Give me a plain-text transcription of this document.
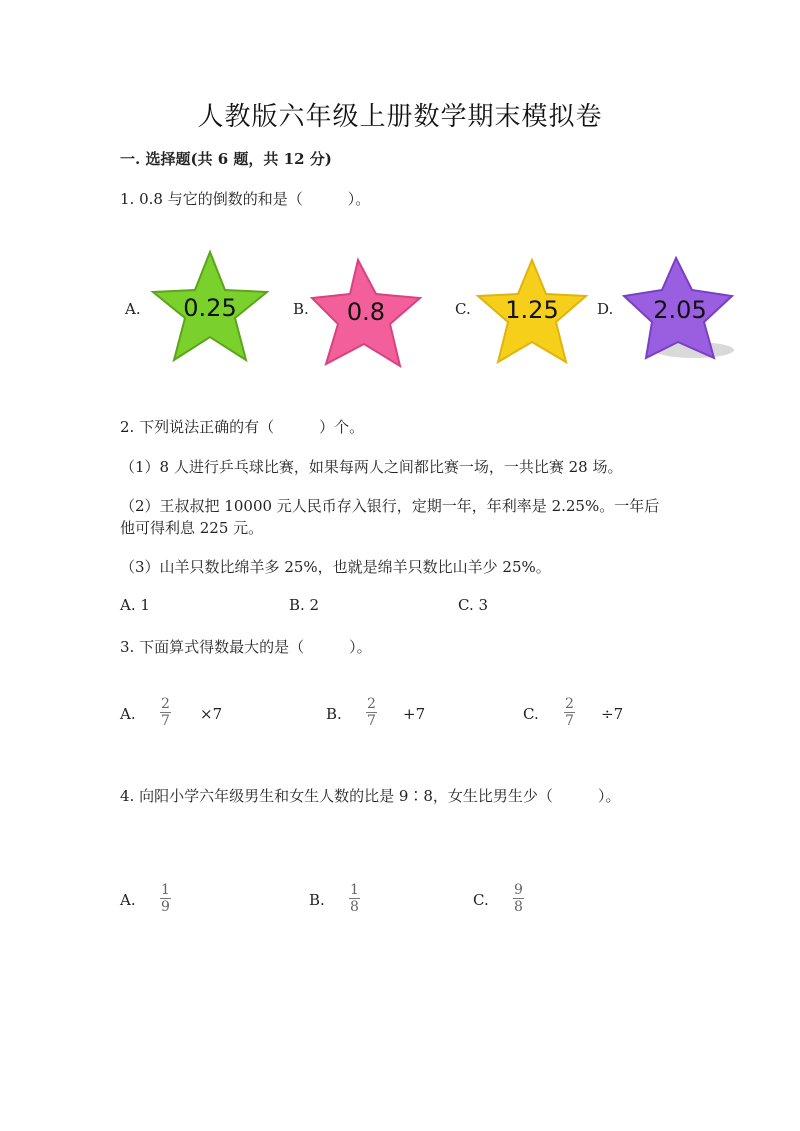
人教版六年级上册数学期末模拟卷
一. 选择题(共 6 题，共 12 分)
1. 0.8 与它的倒数的和是（　　　）。
A. 0.25	B. 0.8	C. 1.25	D. 2.05
2. 下列说法正确的有（　　　）个。
（1）8 人进行乒乓球比赛，如果每两人之间都比赛一场，一共比赛 28 场。
（2）王叔叔把 10000 元人民币存入银行，定期一年，年利率是 2.25%。一年后
他可得利息 225 元。
（3）山羊只数比绵羊多 25%，也就是绵羊只数比山羊少 25%。
A. 1	B. 2	C. 3
3. 下面算式得数最大的是（　　　）。
A. $\frac{2}{7} \times 7$	B. $\frac{2}{7} +7$	C. $\frac{2}{7} \div 7$
4. 向阳小学六年级男生和女生人数的比是 9∶8，女生比男生少（　　　）。
A. $\frac{1}{9}$	B. $\frac{1}{8}$	C. $\frac{9}{8}$
